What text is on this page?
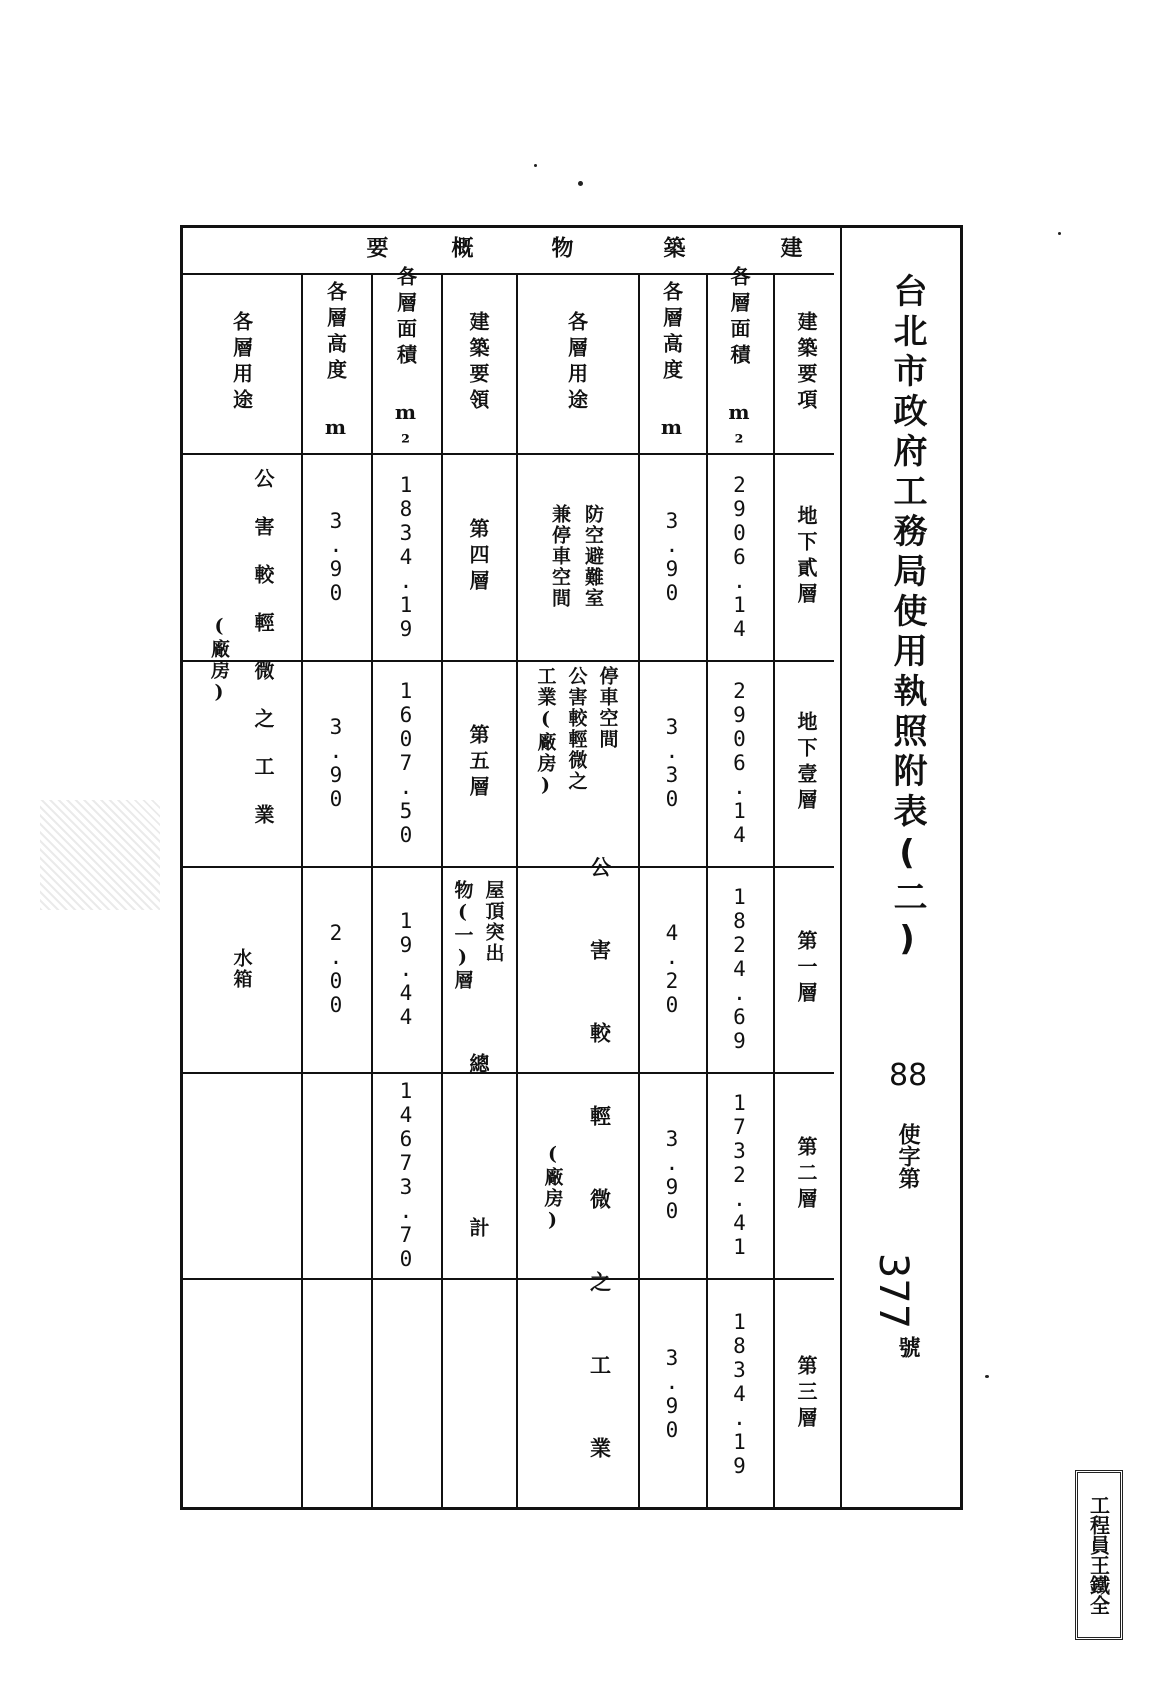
建
築
物
概
要
建築要項
各層面積 m²
各層高度 m
各層用途
地下貳層
2906.14
3.90
防空避難室
兼停車空間
地下壹層
2906.14
3.30
停車空間
公害較輕微之
工業(廠房)
第一層
1824.69
4.20
第二層
1732.41
3.90
第三層
1834.19
3.90
公害較輕微之工業
(廠房)
建築要領
各層面積 m²
各層高度 m
各層用途
第四層
1834.19
3.90
第五層
1607.50
3.90
公害較輕微之工業
(廠房)
屋頂突出
物(一)層
19.44
2.00
水箱
總 計
14673.70
台北市政府工務局使用執照附表(二)
88
使字第
377
號
工程員王鐵全
